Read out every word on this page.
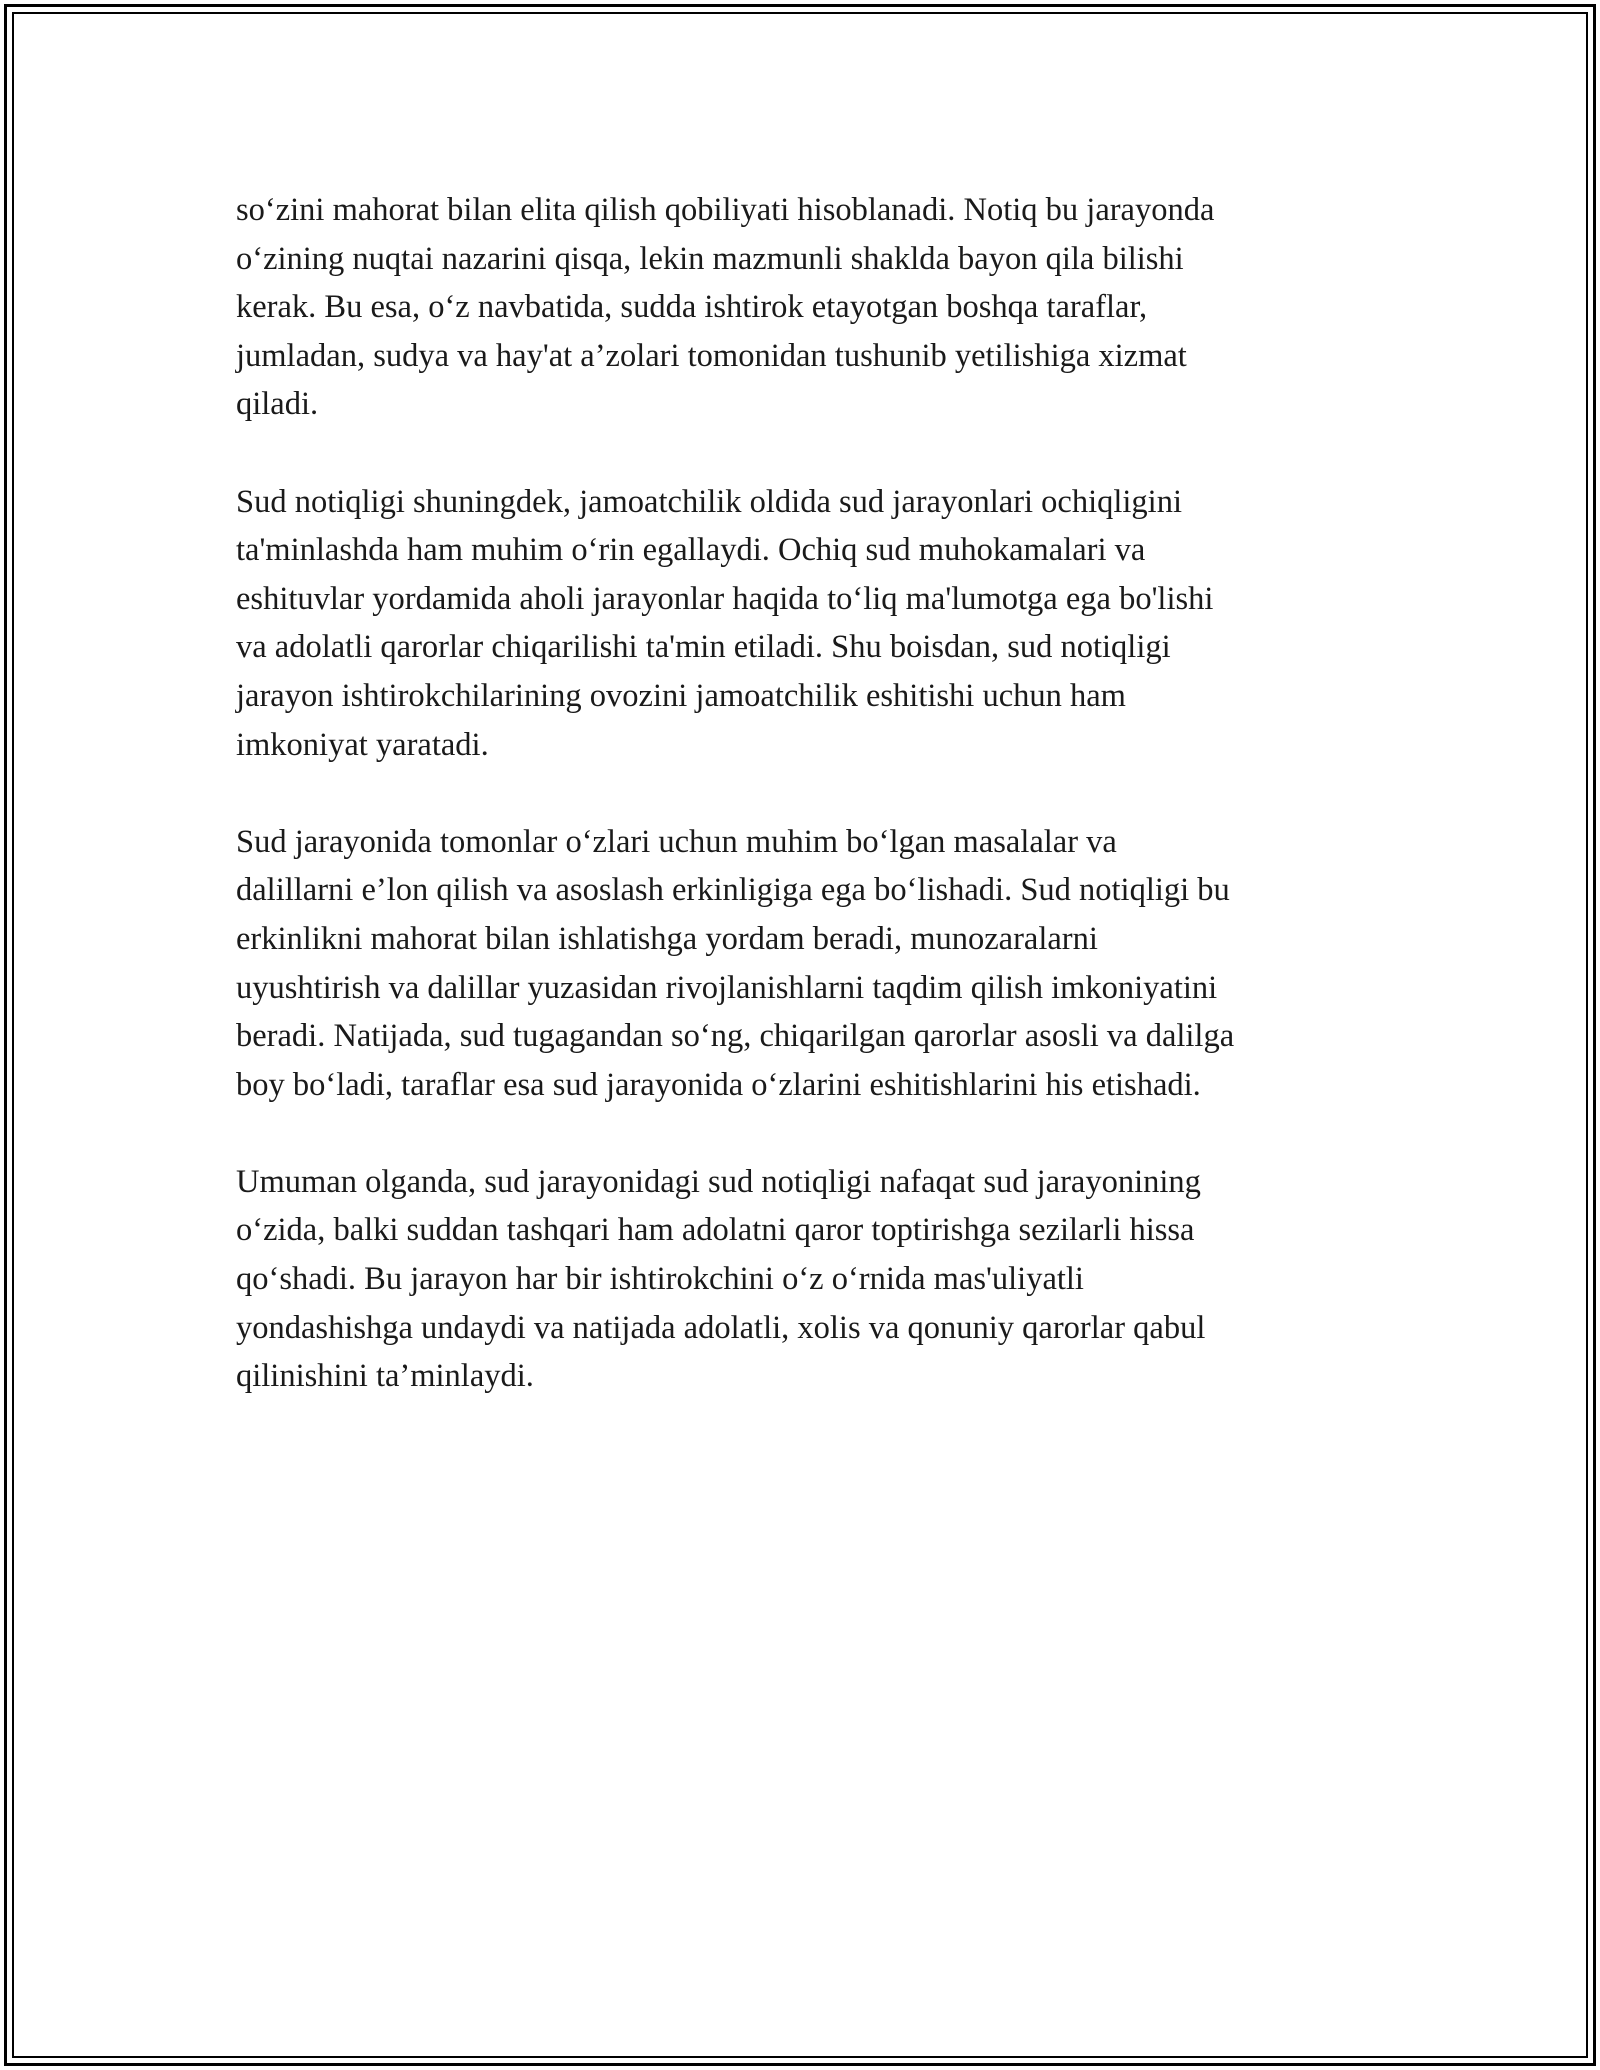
so‘zini mahorat bilan elita qilish qobiliyati hisoblanadi. Notiq bu jarayonda
o‘zining nuqtai nazarini qisqa, lekin mazmunli shaklda bayon qila bilishi
kerak. Bu esa, o‘z navbatida, sudda ishtirok etayotgan boshqa taraflar,
jumladan, sudya va hay'at a’zolari tomonidan tushunib yetilishiga xizmat
qiladi.

Sud notiqligi shuningdek, jamoatchilik oldida sud jarayonlari ochiqligini
ta'minlashda ham muhim o‘rin egallaydi. Ochiq sud muhokamalari va
eshituvlar yordamida aholi jarayonlar haqida to‘liq ma'lumotga ega bo'lishi
va adolatli qarorlar chiqarilishi ta'min etiladi. Shu boisdan, sud notiqligi
jarayon ishtirokchilarining ovozini jamoatchilik eshitishi uchun ham
imkoniyat yaratadi.

Sud jarayonida tomonlar o‘zlari uchun muhim bo‘lgan masalalar va
dalillarni e’lon qilish va asoslash erkinligiga ega bo‘lishadi. Sud notiqligi bu
erkinlikni mahorat bilan ishlatishga yordam beradi, munozaralarni
uyushtirish va dalillar yuzasidan rivojlanishlarni taqdim qilish imkoniyatini
beradi. Natijada, sud tugagandan so‘ng, chiqarilgan qarorlar asosli va dalilga
boy bo‘ladi, taraflar esa sud jarayonida o‘zlarini eshitishlarini his etishadi.

Umuman olganda, sud jarayonidagi sud notiqligi nafaqat sud jarayonining
o‘zida, balki suddan tashqari ham adolatni qaror toptirishga sezilarli hissa
qo‘shadi. Bu jarayon har bir ishtirokchini o‘z o‘rnida mas'uliyatli
yondashishga undaydi va natijada adolatli, xolis va qonuniy qarorlar qabul
qilinishini ta’minlaydi.
